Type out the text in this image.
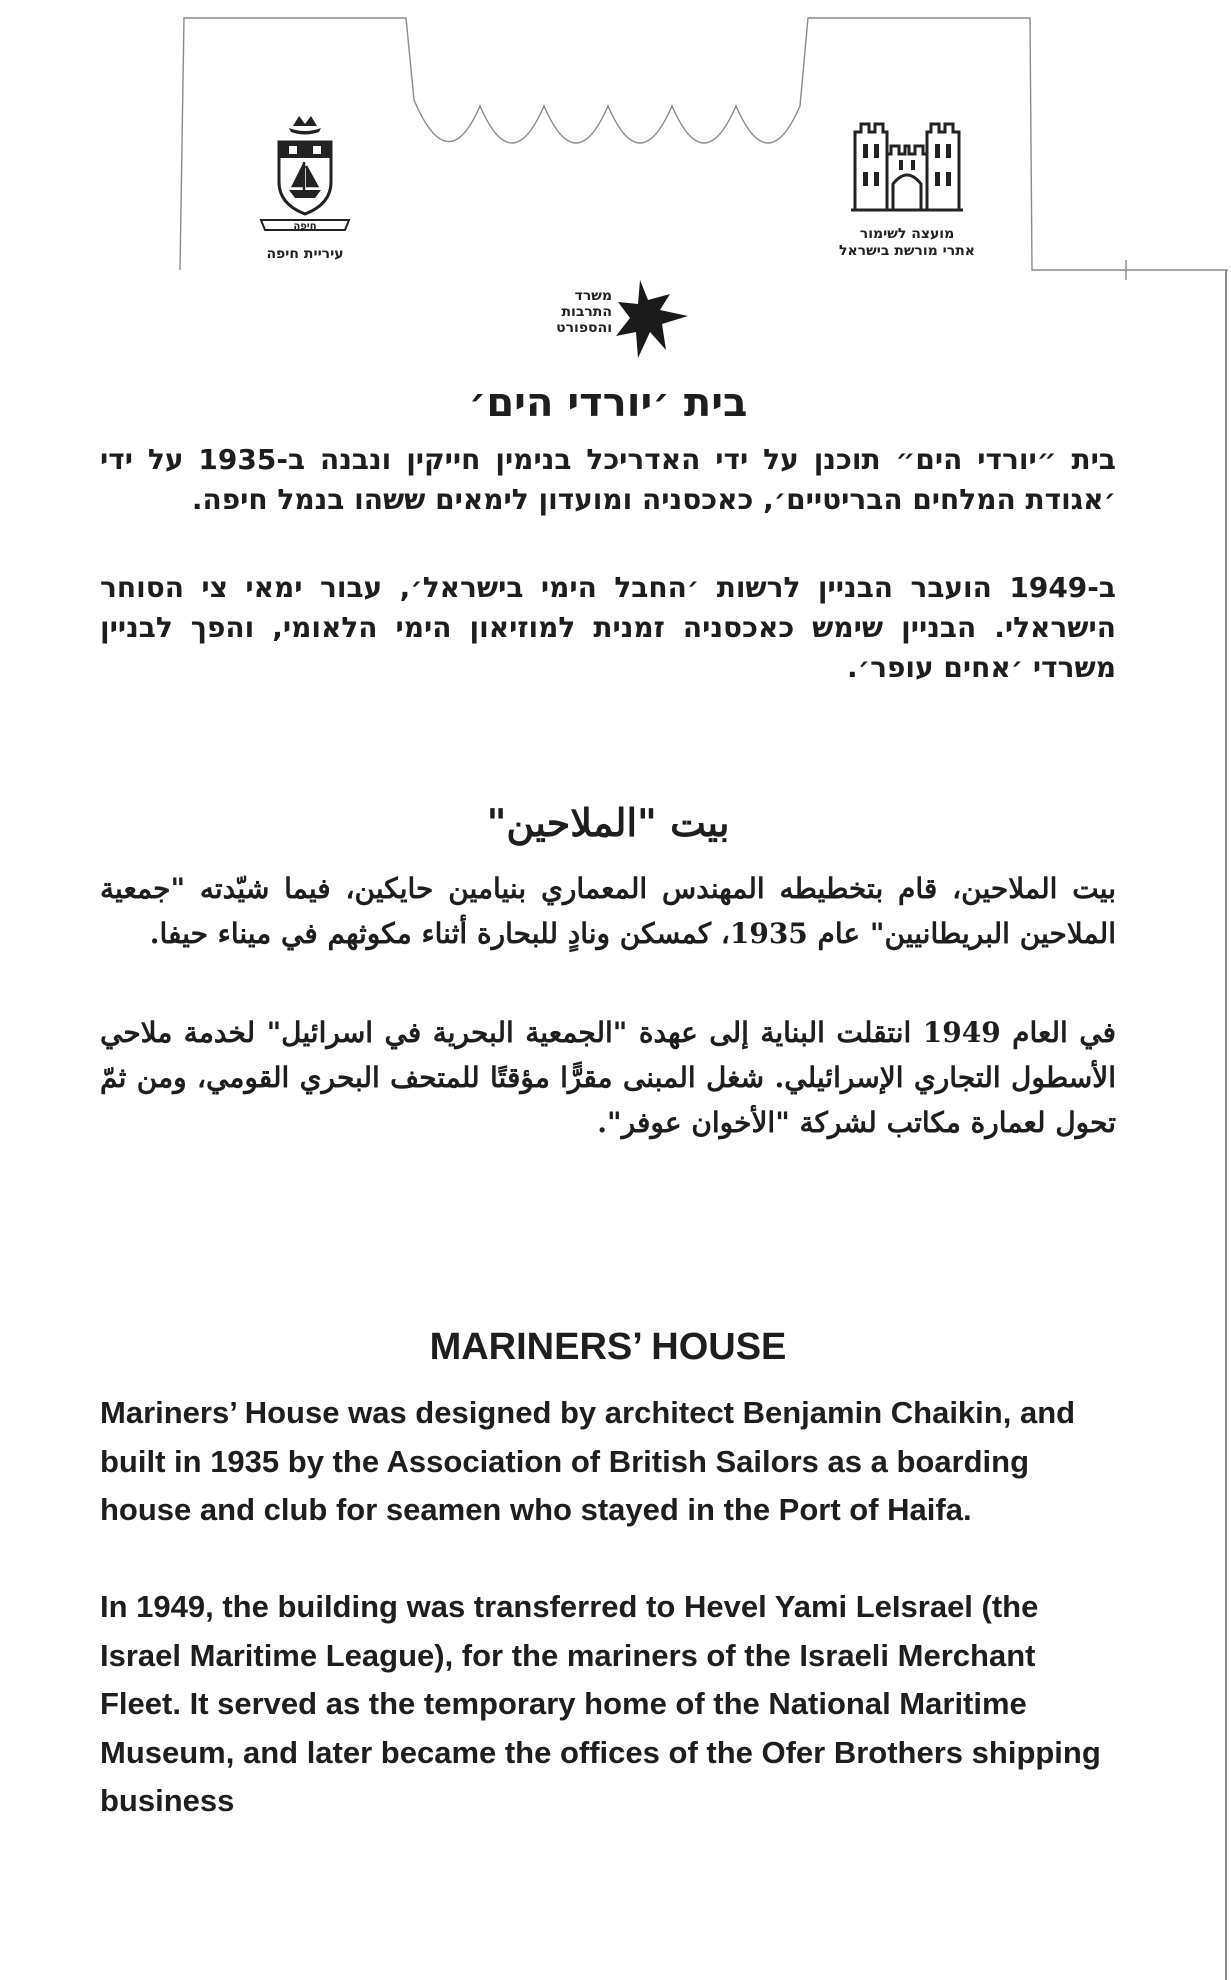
חיפה
עיריית חיפה
מועצה לשימור
אתרי מורשת בישראל
משרד
התרבות
והספורט
בית ׳יורדי הים׳

בית ״יורדי הים״ תוכנן על ידי האדריכל בנימין חייקין ונבנה ב-1935 על ידי ׳אגודת המלחים הבריטיים׳, כאכסניה ומועדון לימאים ששהו בנמל חיפה.

ב-1949 הועבר הבניין לרשות ׳החבל הימי בישראל׳, עבור ימאי צי הסוחר הישראלי. הבניין שימש כאכסניה זמנית למוזיאון הימי הלאומי, והפך לבניין משרדי ׳אחים עופר׳.

بيت "الملاحين"

بيت الملاحين، قام بتخطيطه المهندس المعماري بنيامين حايكين، فيما شيّدته "جمعية الملاحين البريطانيين" عام 1935، كمسكن ونادٍ للبحارة أثناء مكوثهم في ميناء حيفا.

في العام 1949 انتقلت البناية إلى عهدة "الجمعية البحرية في اسرائيل" لخدمة ملاحي الأسطول التجاري الإسرائيلي. شغل المبنى مقرًّا مؤقتًا للمتحف البحري القومي، ومن ثمّ تحول لعمارة مكاتب لشركة "الأخوان عوفر".

MARINERS’ HOUSE

Mariners’ House was designed by architect Benjamin Chaikin, and built in 1935 by the Association of British Sailors as a boarding house and club for seamen who stayed in the Port of Haifa.

In 1949, the building was transferred to Hevel Yami LeIsrael (the Israel Maritime League), for the mariners of the Israeli Merchant Fleet. It served as the temporary home of the National Maritime Museum, and later became the offices of the Ofer Brothers shipping business
